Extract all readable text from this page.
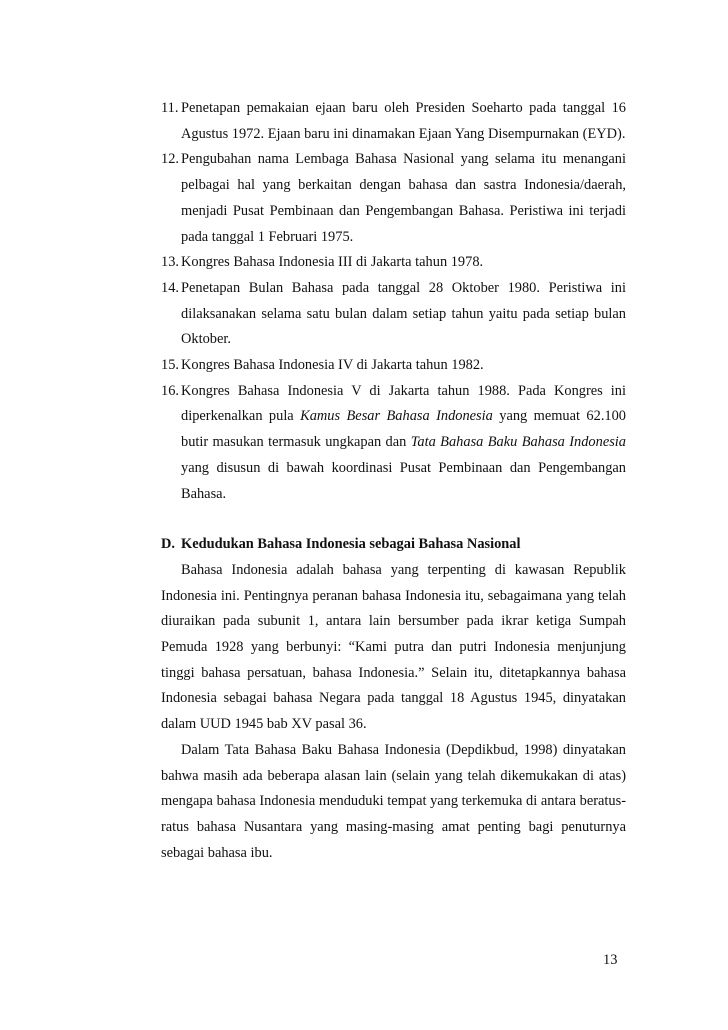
11. Penetapan pemakaian ejaan baru oleh Presiden Soeharto pada tanggal 16 Agustus 1972. Ejaan baru ini dinamakan Ejaan Yang Disempurnakan (EYD).
12. Pengubahan nama Lembaga Bahasa Nasional yang selama itu menangani pelbagai hal yang berkaitan dengan bahasa dan sastra Indonesia/daerah, menjadi Pusat Pembinaan dan Pengembangan Bahasa. Peristiwa ini terjadi pada tanggal 1 Februari 1975.
13. Kongres Bahasa Indonesia III di Jakarta tahun 1978.
14. Penetapan Bulan Bahasa pada tanggal 28 Oktober 1980. Peristiwa ini dilaksanakan selama satu bulan dalam setiap tahun yaitu pada setiap bulan Oktober.
15. Kongres Bahasa Indonesia IV di Jakarta tahun 1982.
16. Kongres Bahasa Indonesia V di Jakarta tahun 1988. Pada Kongres ini diperkenalkan pula Kamus Besar Bahasa Indonesia yang memuat 62.100 butir masukan termasuk ungkapan dan Tata Bahasa Baku Bahasa Indonesia yang disusun di bawah koordinasi Pusat Pembinaan dan Pengembangan Bahasa.
D. Kedudukan Bahasa Indonesia sebagai Bahasa Nasional

Bahasa Indonesia adalah bahasa yang terpenting di kawasan Republik Indonesia ini. Pentingnya peranan bahasa Indonesia itu, sebagaimana yang telah diuraikan pada subunit 1, antara lain bersumber pada ikrar ketiga Sumpah Pemuda 1928 yang berbunyi: “Kami putra dan putri Indonesia menjunjung tinggi bahasa persatuan, bahasa Indonesia.” Selain itu, ditetapkannya bahasa Indonesia sebagai bahasa Negara pada tanggal 18 Agustus 1945, dinyatakan dalam UUD 1945 bab XV pasal 36.

Dalam Tata Bahasa Baku Bahasa Indonesia (Depdikbud, 1998) dinyatakan bahwa masih ada beberapa alasan lain (selain yang telah dikemukakan di atas) mengapa bahasa Indonesia menduduki tempat yang terkemuka di antara beratus-ratus bahasa Nusantara yang masing-masing amat penting bagi penuturnya sebagai bahasa ibu.

13
